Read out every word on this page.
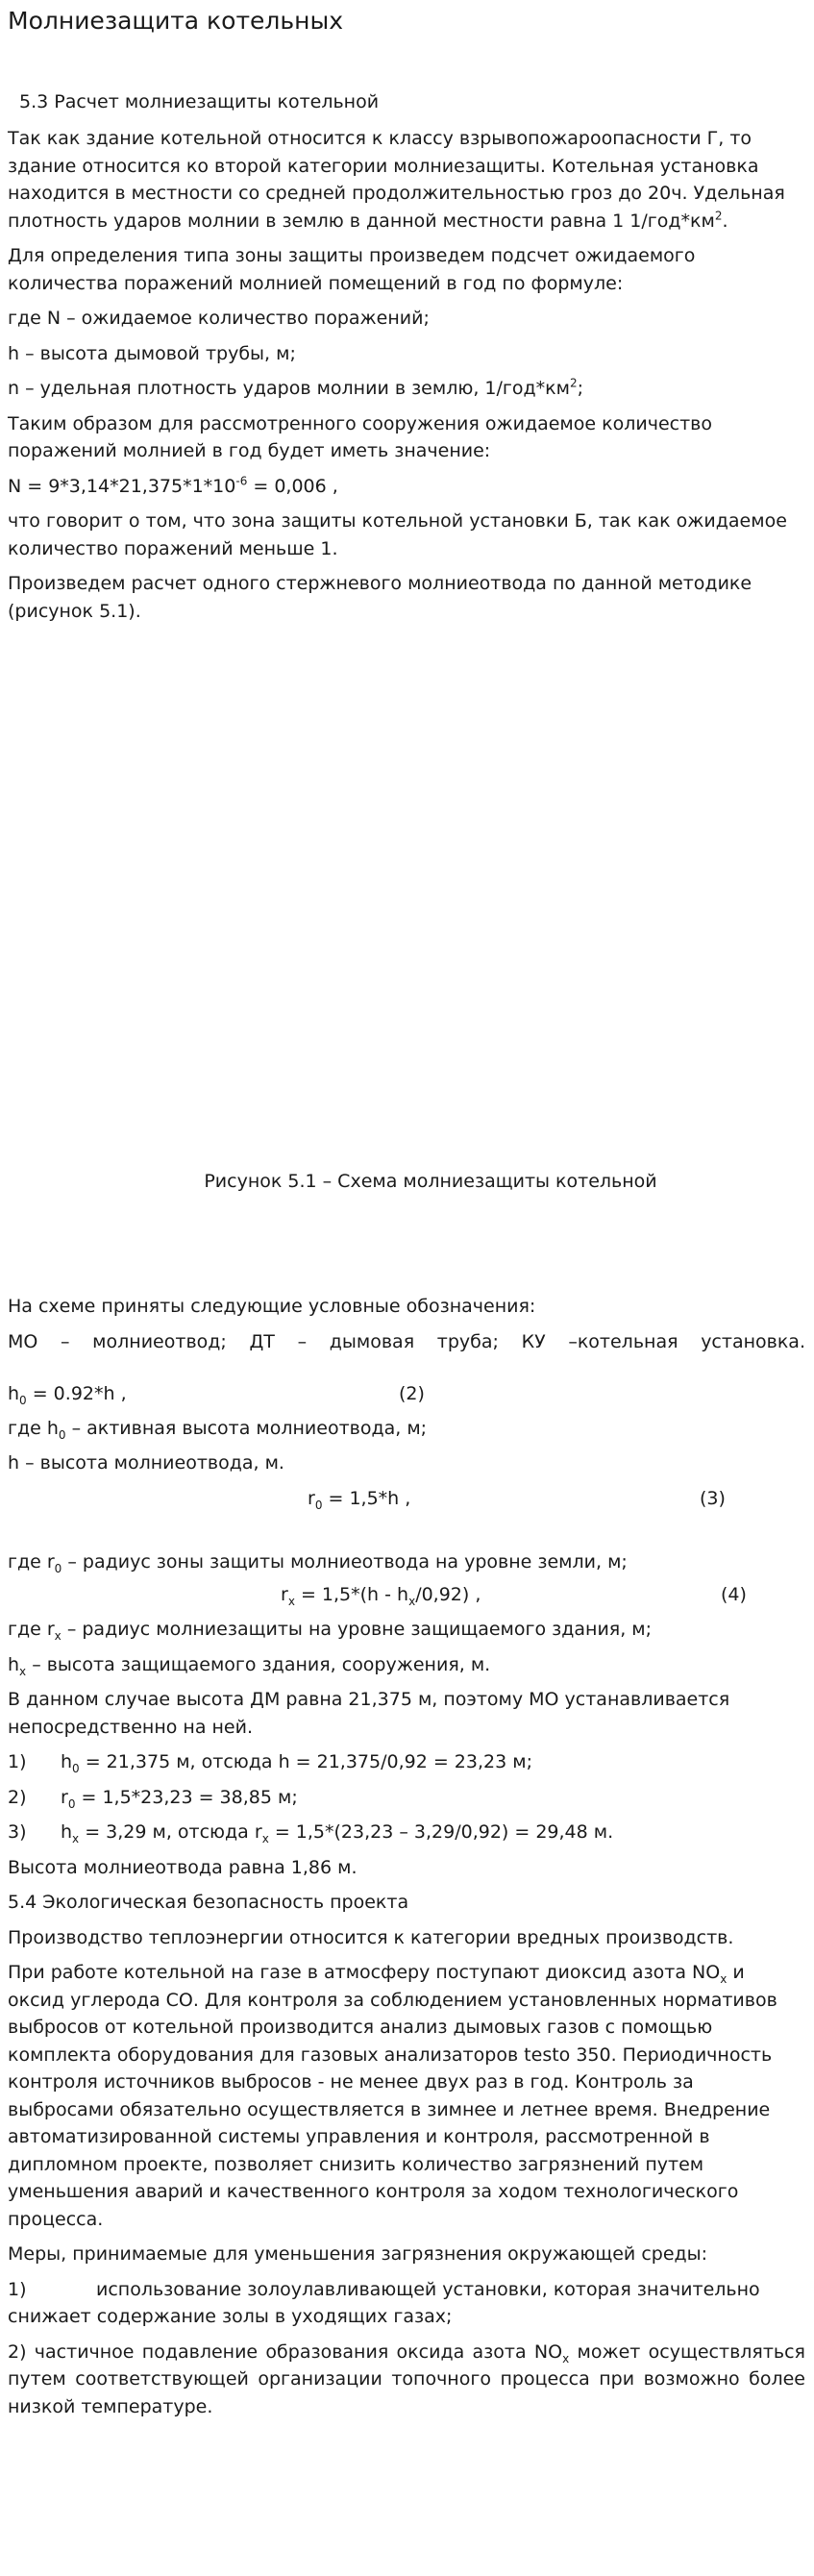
Молниезащита котельных
5.3 Расчет молниезащиты котельной

Так как здание котельной относится к классу взрывопожароопасности Г, то здание относится ко второй категории молниезащиты. Котельная установка находится в местности со средней продолжительностью гроз до 20ч. Удельная плотность ударов молнии в землю в данной местности равна 1 $1/год*км^2$.

Для определения типа зоны защиты произведем подсчет ожидаемого количества поражений молнией помещений в год по формуле:

где N – ожидаемое количество поражений;

h – высота дымовой трубы, м;

n – удельная плотность ударов молнии в землю, $1/год*км^2$;

Таким образом для рассмотренного сооружения ожидаемое количество поражений молнией в год будет иметь значение:

$N = 9*3,14*21,375*1*10^{-6} = 0,006$ ,

что говорит о том, что зона защиты котельной установки Б, так как ожидаемое количество поражений меньше 1.

Произведем расчет одного стержневого молниеотвода по данной методике (рисунок 5.1).

Рисунок 5.1 – Схема молниезащиты котельной

На схеме приняты следующие условные обозначения:

МО – молниеотвод; ДТ – дымовая труба; КУ –котельная установка.
$h_0 = 0.92*h$ ,	(2)

где $h_0$ – активная высота молниеотвода, м;

h – высота молниеотвода, м.

$r_0 = 1,5*h$ ,	(3)

где $r_0$ – радиус зоны защиты молниеотвода на уровне земли, м;

$r_x = 1,5*(h - h_x/0,92)$ ,	(4)

где $r_x$ – радиус молниезащиты на уровне защищаемого здания, м;

$h_x$ – высота защищаемого здания, сооружения, м.

В данном случае высота ДМ равна 21,375 м, поэтому МО устанавливается непосредственно на ней.

1) $h_0 = 21,375$ м, отсюда h = 21,375/0,92 = 23,23 м;
2) $r_0 = 1,5*23,23 = 38,85$ м;
3) $h_x = 3,29$ м, отсюда $r_x = 1,5*(23,23 - 3,29/0,92) = 29,48$ м.

Высота молниеотвода равна 1,86 м.

5.4 Экологическая безопасность проекта

Производство теплоэнергии относится к категории вредных производств.

При работе котельной на газе в атмосферу поступают диоксид азота $NO_x$ и оксид углерода СО. Для контроля за соблюдением установленных нормативов выбросов от котельной производится анализ дымовых газов с помощью комплекта оборудования для газовых анализаторов testo 350. Периодичность контроля источников выбросов - не менее двух раз в год. Контроль за выбросами обязательно осуществляется в зимнее и летнее время. Внедрение автоматизированной системы управления и контроля, рассмотренной в дипломном проекте, позволяет снизить количество загрязнений путем уменьшения аварий и качественного контроля за ходом технологического процесса.

Меры, принимаемые для уменьшения загрязнения окружающей среды:

1)	использование золоулавливающей установки, которая значительно снижает содержание золы в уходящих газах;

2) частичное подавление образования оксида азота $NO_x$ может осуществляться путем соответствующей организации топочного процесса при возможно более низкой температуре.
